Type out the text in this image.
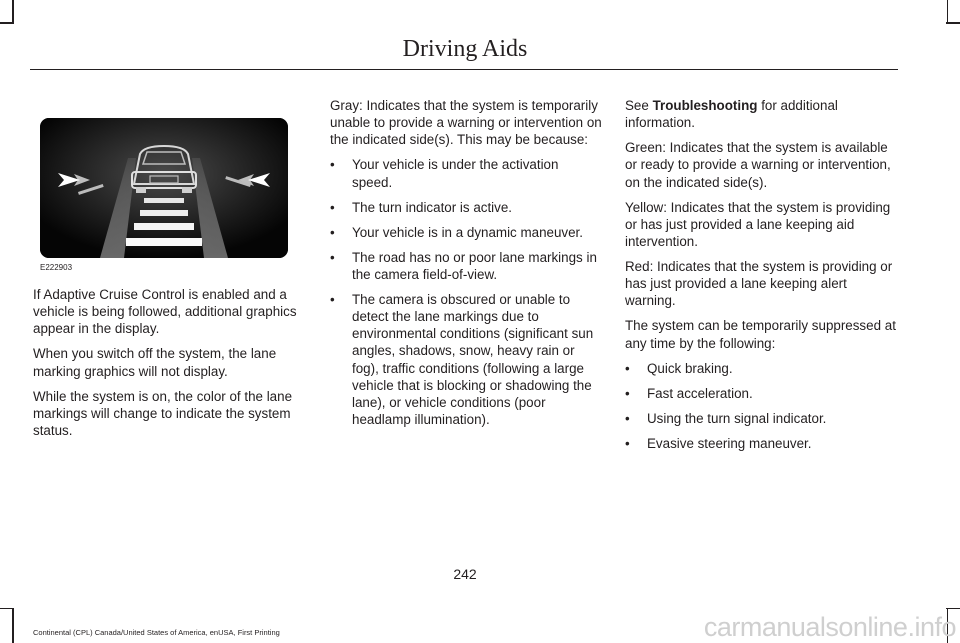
Driving Aids
E222903

If Adaptive Cruise Control is enabled and a vehicle is being followed, additional graphics appear in the display.

When you switch off the system, the lane marking graphics will not display.

While the system is on, the color of the lane markings will change to indicate the system status.

Gray: Indicates that the system is temporarily unable to provide a warning or intervention on the indicated side(s). This may be because:

• Your vehicle is under the activation speed.
• The turn indicator is active.
• Your vehicle is in a dynamic maneuver.
• The road has no or poor lane markings in the camera field-of-view.
• The camera is obscured or unable to detect the lane markings due to environmental conditions (significant sun angles, shadows, snow, heavy rain or fog), traffic conditions (following a large vehicle that is blocking or shadowing the lane), or vehicle conditions (poor headlamp illumination).

See Troubleshooting for additional information.

Green: Indicates that the system is available or ready to provide a warning or intervention, on the indicated side(s).

Yellow: Indicates that the system is providing or has just provided a lane keeping aid intervention.

Red: Indicates that the system is providing or has just provided a lane keeping alert warning.

The system can be temporarily suppressed at any time by the following:

• Quick braking.
• Fast acceleration.
• Using the turn signal indicator.
• Evasive steering maneuver.
242
Continental (CPL) Canada/United States of America, enUSA, First Printing	carmanualsonline.info
